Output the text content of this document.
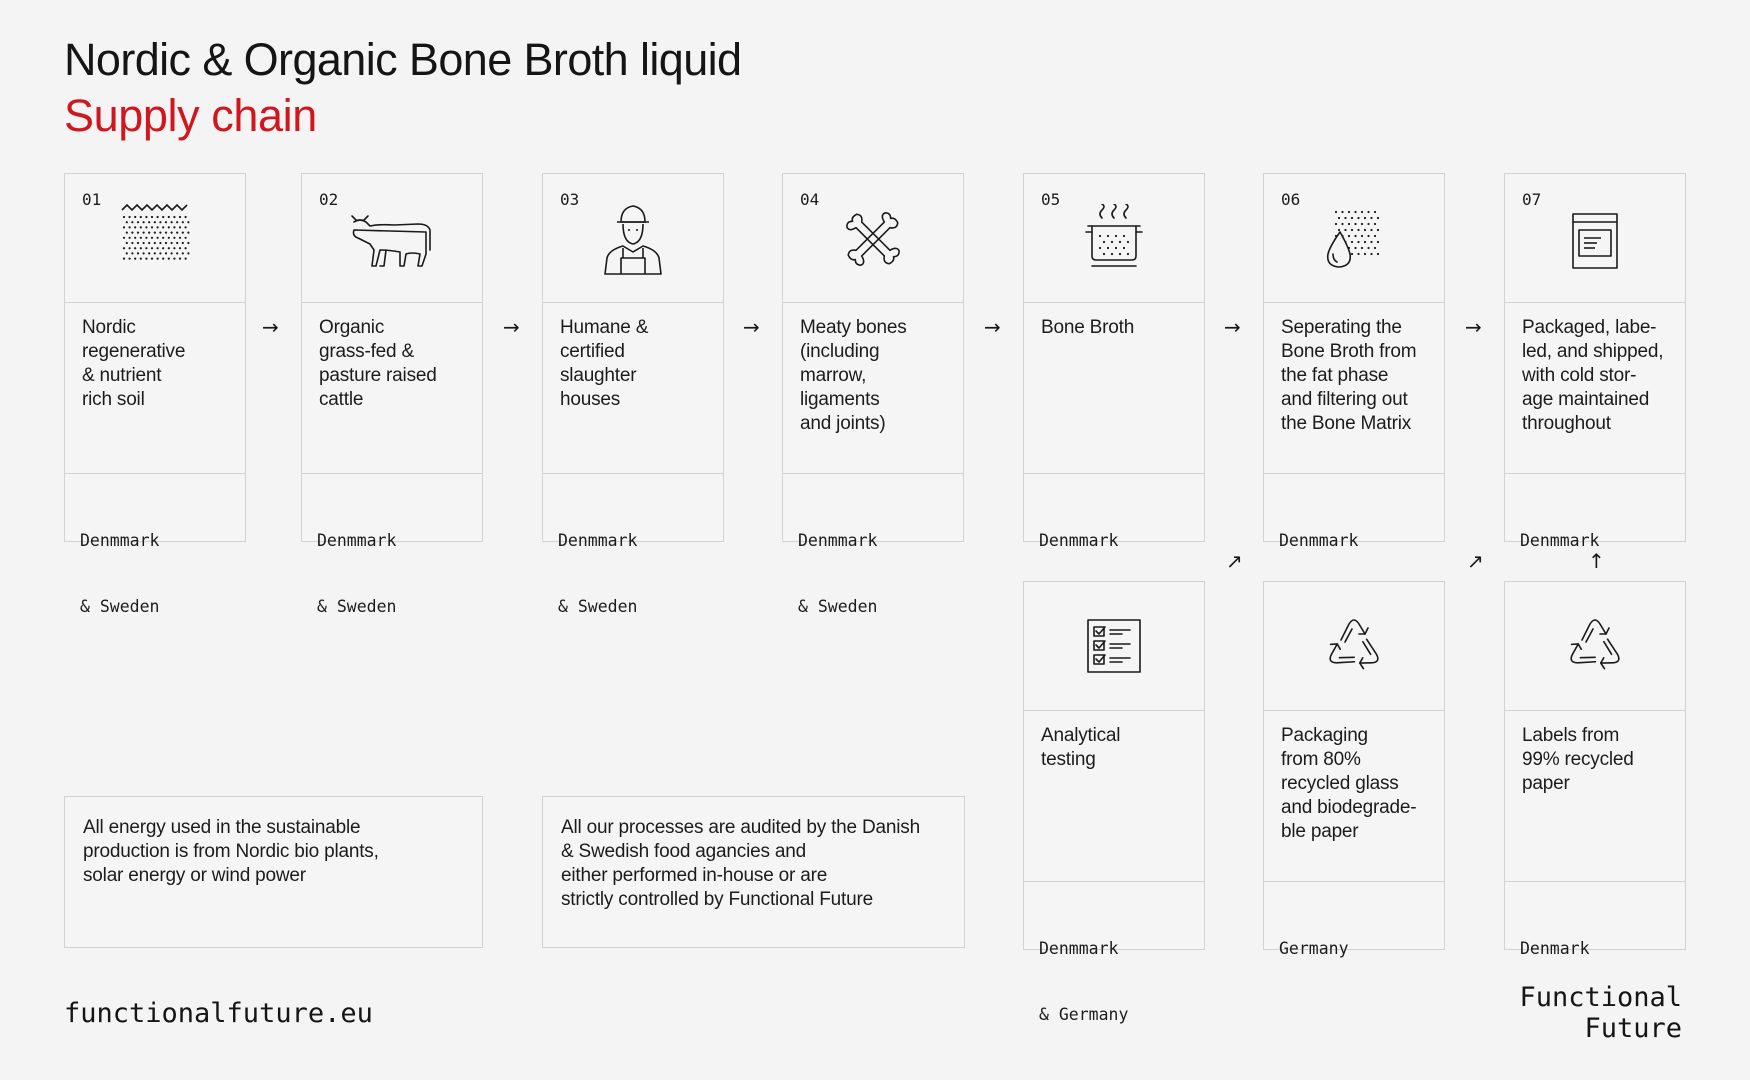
Nordic & Organic Bone Broth liquid
Supply chain
01
Nordic
regenerative
& nutrient
rich soil

Denmmark

& Sweden

02
Organic
grass-fed &
pasture raised
cattle

Denmmark

& Sweden

03
Humane &
certified
slaughter
houses

Denmmark

& Sweden

04
Meaty bones
(including
marrow,
ligaments
and joints)

Denmmark

& Sweden

05
Bone Broth

Denmmark

06
Seperating the
Bone Broth from
the fat phase
and filtering out
the Bone Matrix

Denmmark

07
Packaged, labe-
led, and shipped,
with cold stor-
age maintained
throughout

Denmmark

→	→	→	→	→	→
↗	↗	↑
Analytical
testing

Denmmark

& Germany

Packaging
from 80%
recycled glass
and biodegrade-
ble paper

Germany

Labels from
99% recycled
paper

Denmark

All energy used in the sustainable
production is from Nordic bio plants,
solar energy or wind power
All our processes are audited by the Danish
& Swedish food agancies and
either performed in-house or are
strictly controlled by Functional Future
functionalfuture.eu
Functional
Future
